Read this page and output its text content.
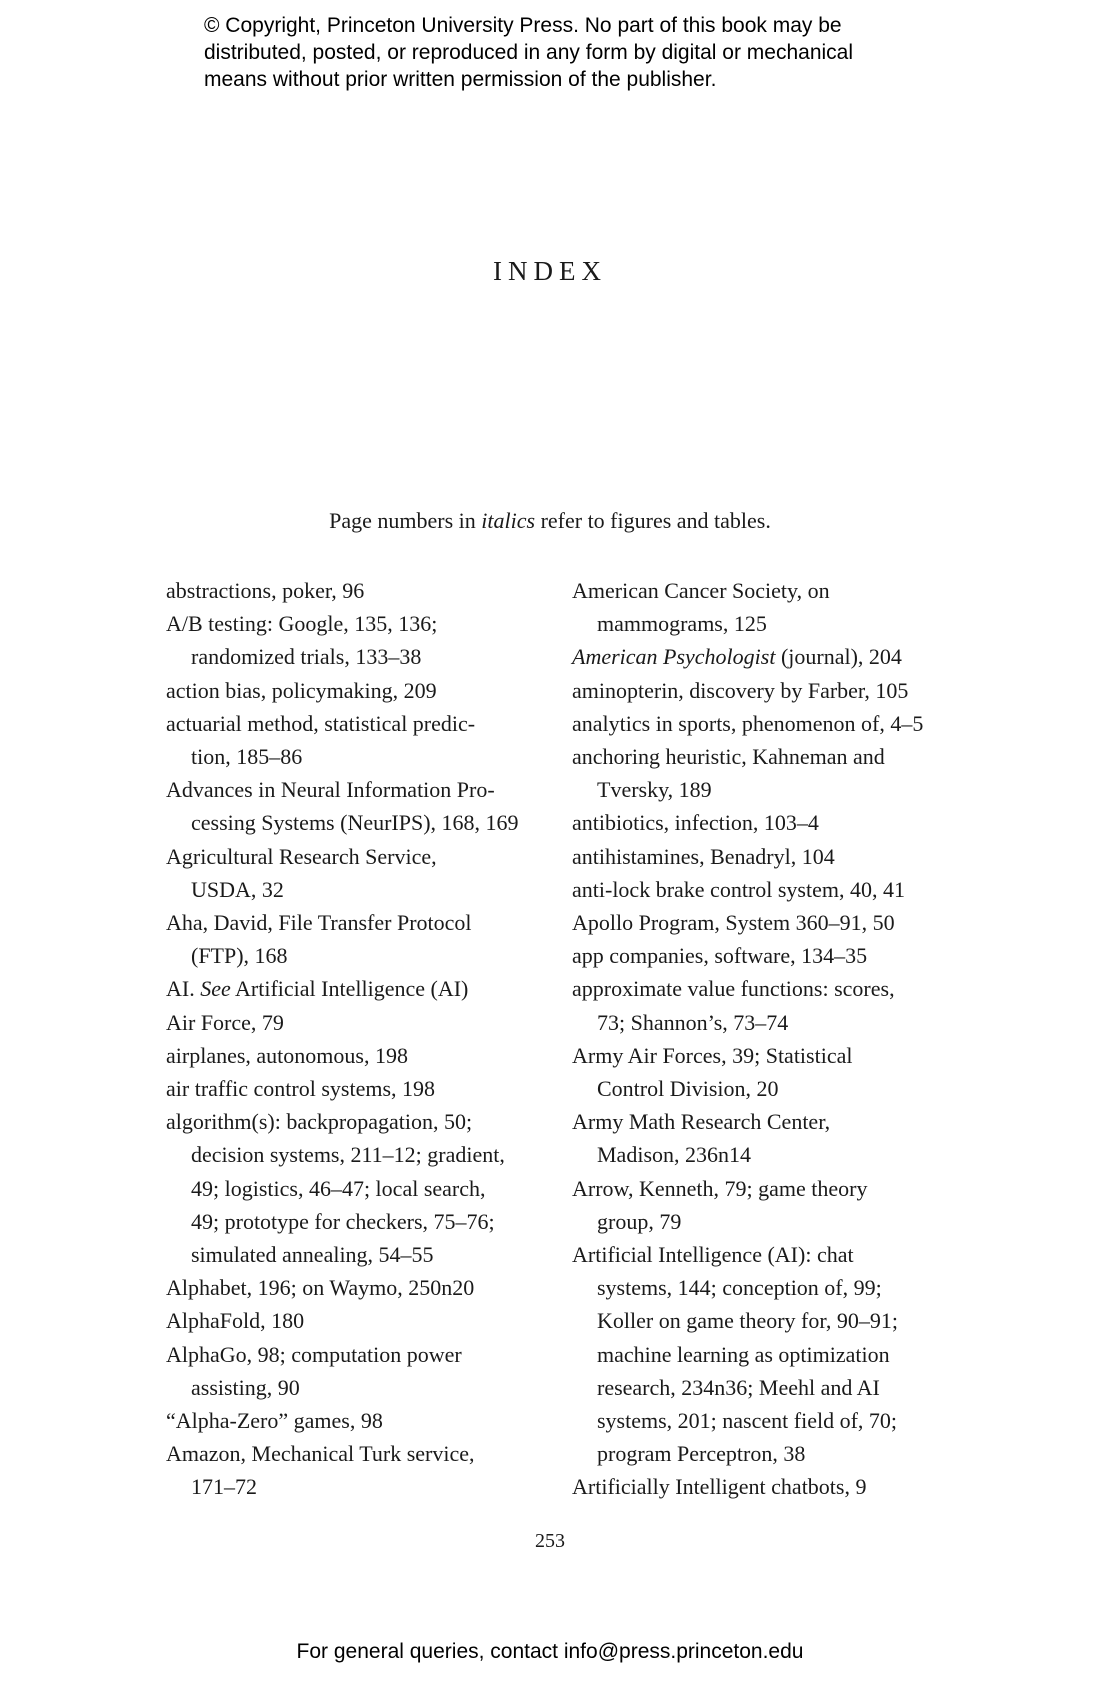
© Copyright, Princeton University Press. No part of this book may be
distributed, posted, or reproduced in any form by digital or mechanical
means without prior written permission of the publisher.
INDEX
Page numbers in italics refer to figures and tables.
abstractions, poker, 96
A/B testing: Google, 135, 136;
randomized trials, 133–38
action bias, policymaking, 209
actuarial method, statistical predic-
tion, 185–86
Advances in Neural Information Pro-
cessing Systems (NeurIPS), 168, 169
Agricultural Research Service,
USDA, 32
Aha, David, File Transfer Protocol
(FTP), 168
AI. See Artificial Intelligence (AI)
Air Force, 79
airplanes, autonomous, 198
air traffic control systems, 198
algorithm(s): backpropagation, 50;
decision systems, 211–12; gradient,
49; logistics, 46–47; local search,
49; prototype for checkers, 75–76;
simulated annealing, 54–55
Alphabet, 196; on Waymo, 250n20
AlphaFold, 180
AlphaGo, 98; computation power
assisting, 90
“Alpha-Zero” games, 98
Amazon, Mechanical Turk service,
171–72
American Cancer Society, on
mammograms, 125
American Psychologist (journal), 204
aminopterin, discovery by Farber, 105
analytics in sports, phenomenon of, 4–5
anchoring heuristic, Kahneman and
Tversky, 189
antibiotics, infection, 103–4
antihistamines, Benadryl, 104
anti-lock brake control system, 40, 41
Apollo Program, System 360–91, 50
app companies, software, 134–35
approximate value functions: scores,
73; Shannon’s, 73–74
Army Air Forces, 39; Statistical
Control Division, 20
Army Math Research Center,
Madison, 236n14
Arrow, Kenneth, 79; game theory
group, 79
Artificial Intelligence (AI): chat
systems, 144; conception of, 99;
Koller on game theory for, 90–91;
machine learning as optimization
research, 234n36; Meehl and AI
systems, 201; nascent field of, 70;
program Perceptron, 38
Artificially Intelligent chatbots, 9
253
For general queries, contact info@press.princeton.edu
